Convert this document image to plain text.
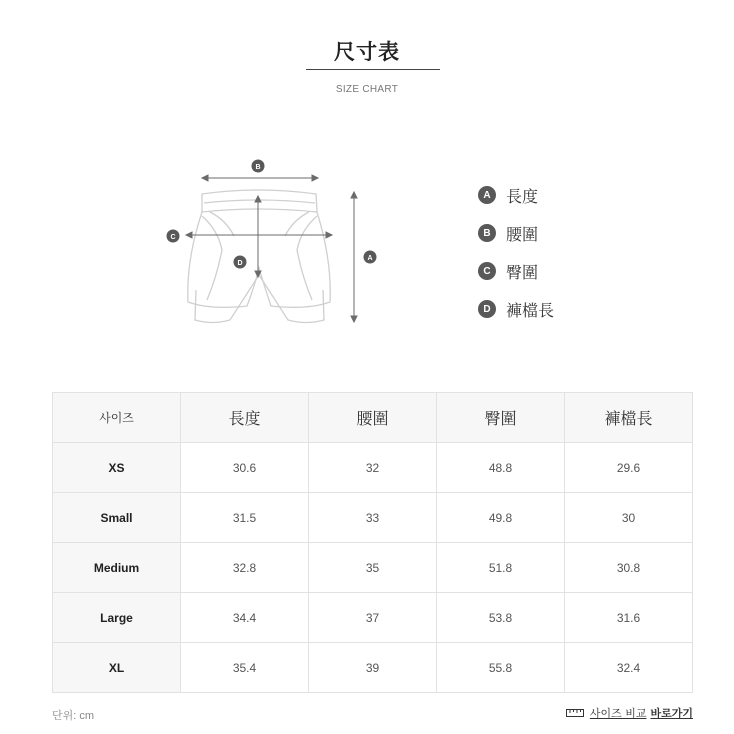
尺寸表
SIZE CHART
B
C
D
A
A 長度
B 腰圍
C 臀圍
D 褲檔長
사이즈	長度	腰圍	臀圍	褲檔長
XS	30.6	32	48.8	29.6
Small	31.5	33	49.8	30
Medium	32.8	35	51.8	30.8
Large	34.4	37	53.8	31.6
XL	35.4	39	55.8	32.4
단위: cm	사이즈 비교 바로가기
